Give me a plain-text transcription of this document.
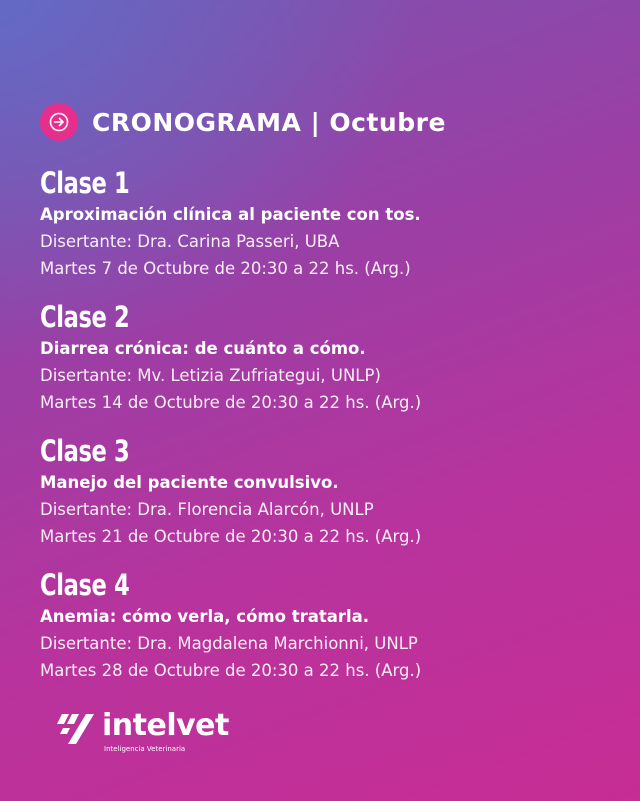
CRONOGRAMA | Octubre
Clase 1
Aproximación clínica al paciente con tos.
Disertante: Dra. Carina Passeri, UBA
Martes 7 de Octubre de 20:30 a 22 hs. (Arg.)
Clase 2
Diarrea crónica: de cuánto a cómo.
Disertante: Mv. Letizia Zufriategui, UNLP)
Martes 14 de Octubre de 20:30 a 22 hs. (Arg.)
Clase 3
Manejo del paciente convulsivo.
Disertante: Dra. Florencia Alarcón, UNLP
Martes 21 de Octubre de 20:30 a 22 hs. (Arg.)
Clase 4
Anemia: cómo verla, cómo tratarla.
Disertante: Dra. Magdalena Marchionni, UNLP
Martes 28 de Octubre de 20:30 a 22 hs. (Arg.)
intelvet
Inteligencia Veterinaria
